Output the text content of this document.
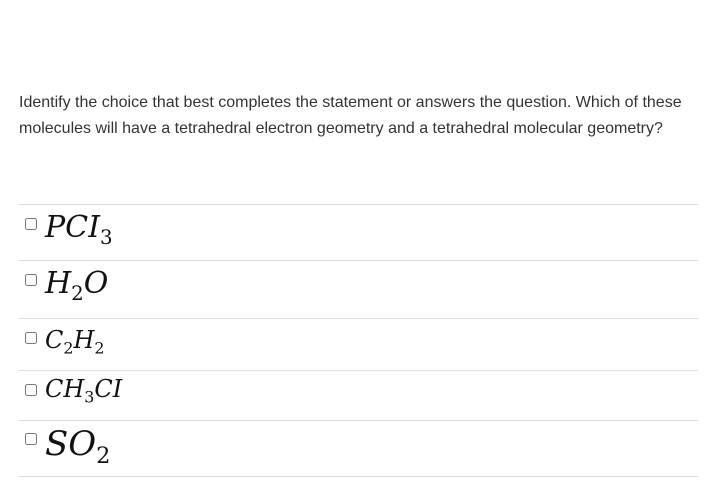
Identify the choice that best completes the statement or answers the question. Which of these molecules will have a tetrahedral electron geometry and a tetrahedral molecular geometry?
$PCI_3$
$H_2O$
$C_2H_2$
$CH_3CI$
$SO_2$
